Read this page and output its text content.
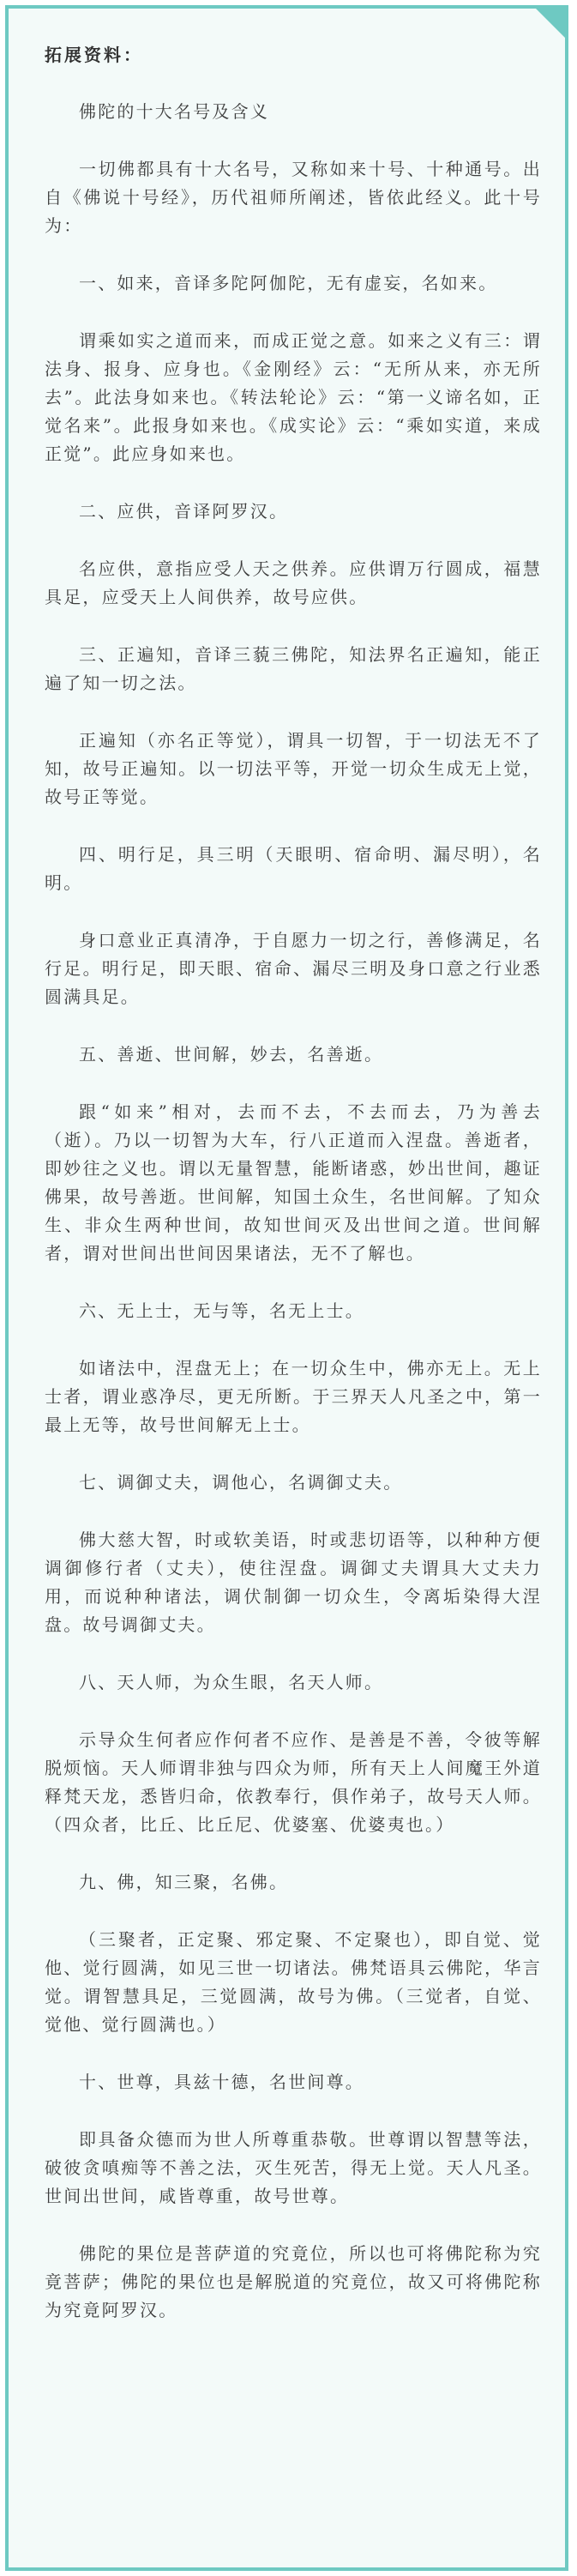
拓展资料：
佛陀的十大名号及含义
一切佛都具有十大名号，又称如来十号、十种通号。出自《佛说十号经》，历代祖师所阐述，皆依此经义。此十号为：
一、如来，音译多陀阿伽陀，无有虚妄，名如来。
谓乘如实之道而来，而成正觉之意。如来之义有三：谓法身、报身、应身也。《金刚经》云：“无所从来，亦无所去”。此法身如来也。《转法轮论》云：“第一义谛名如，正觉名来”。此报身如来也。《成实论》云：“乘如实道，来成正觉”。此应身如来也。
二、应供，音译阿罗汉。
名应供，意指应受人天之供养。应供谓万行圆成，福慧具足，应受天上人间供养，故号应供。
三、正遍知，音译三藐三佛陀，知法界名正遍知，能正遍了知一切之法。
正遍知（亦名正等觉），谓具一切智，于一切法无不了知，故号正遍知。以一切法平等，开觉一切众生成无上觉，故号正等觉。
四、明行足，具三明（天眼明、宿命明、漏尽明），名明。
身口意业正真清净，于自愿力一切之行，善修满足，名行足。明行足，即天眼、宿命、漏尽三明及身口意之行业悉圆满具足。
五、善逝、世间解，妙去，名善逝。
跟“如来”相对，去而不去，不去而去，乃为善去（逝）。乃以一切智为大车，行八正道而入涅盘。善逝者，即妙往之义也。谓以无量智慧，能断诸惑，妙出世间，趣证佛果，故号善逝。世间解，知国土众生，名世间解。了知众生、非众生两种世间，故知世间灭及出世间之道。世间解者，谓对世间出世间因果诸法，无不了解也。
六、无上士，无与等，名无上士。
如诸法中，涅盘无上；在一切众生中，佛亦无上。无上士者，谓业惑净尽，更无所断。于三界天人凡圣之中，第一最上无等，故号世间解无上士。
七、调御丈夫，调他心，名调御丈夫。
佛大慈大智，时或软美语，时或悲切语等，以种种方便调御修行者（丈夫），使往涅盘。调御丈夫谓具大丈夫力用，而说种种诸法，调伏制御一切众生，令离垢染得大涅盘。故号调御丈夫。
八、天人师，为众生眼，名天人师。
示导众生何者应作何者不应作、是善是不善，令彼等解脱烦恼。天人师谓非独与四众为师，所有天上人间魔王外道释梵天龙，悉皆归命，依教奉行，俱作弟子，故号天人师。（四众者，比丘、比丘尼、优婆塞、优婆夷也。）
九、佛，知三聚，名佛。
（三聚者，正定聚、邪定聚、不定聚也），即自觉、觉他、觉行圆满，如见三世一切诸法。佛梵语具云佛陀，华言觉。谓智慧具足，三觉圆满，故号为佛。（三觉者，自觉、觉他、觉行圆满也。）
十、世尊，具兹十德，名世间尊。
即具备众德而为世人所尊重恭敬。世尊谓以智慧等法，破彼贪嗔痴等不善之法，灭生死苦，得无上觉。天人凡圣。世间出世间，咸皆尊重，故号世尊。
佛陀的果位是菩萨道的究竟位，所以也可将佛陀称为究竟菩萨；佛陀的果位也是解脱道的究竟位，故又可将佛陀称为究竟阿罗汉。
